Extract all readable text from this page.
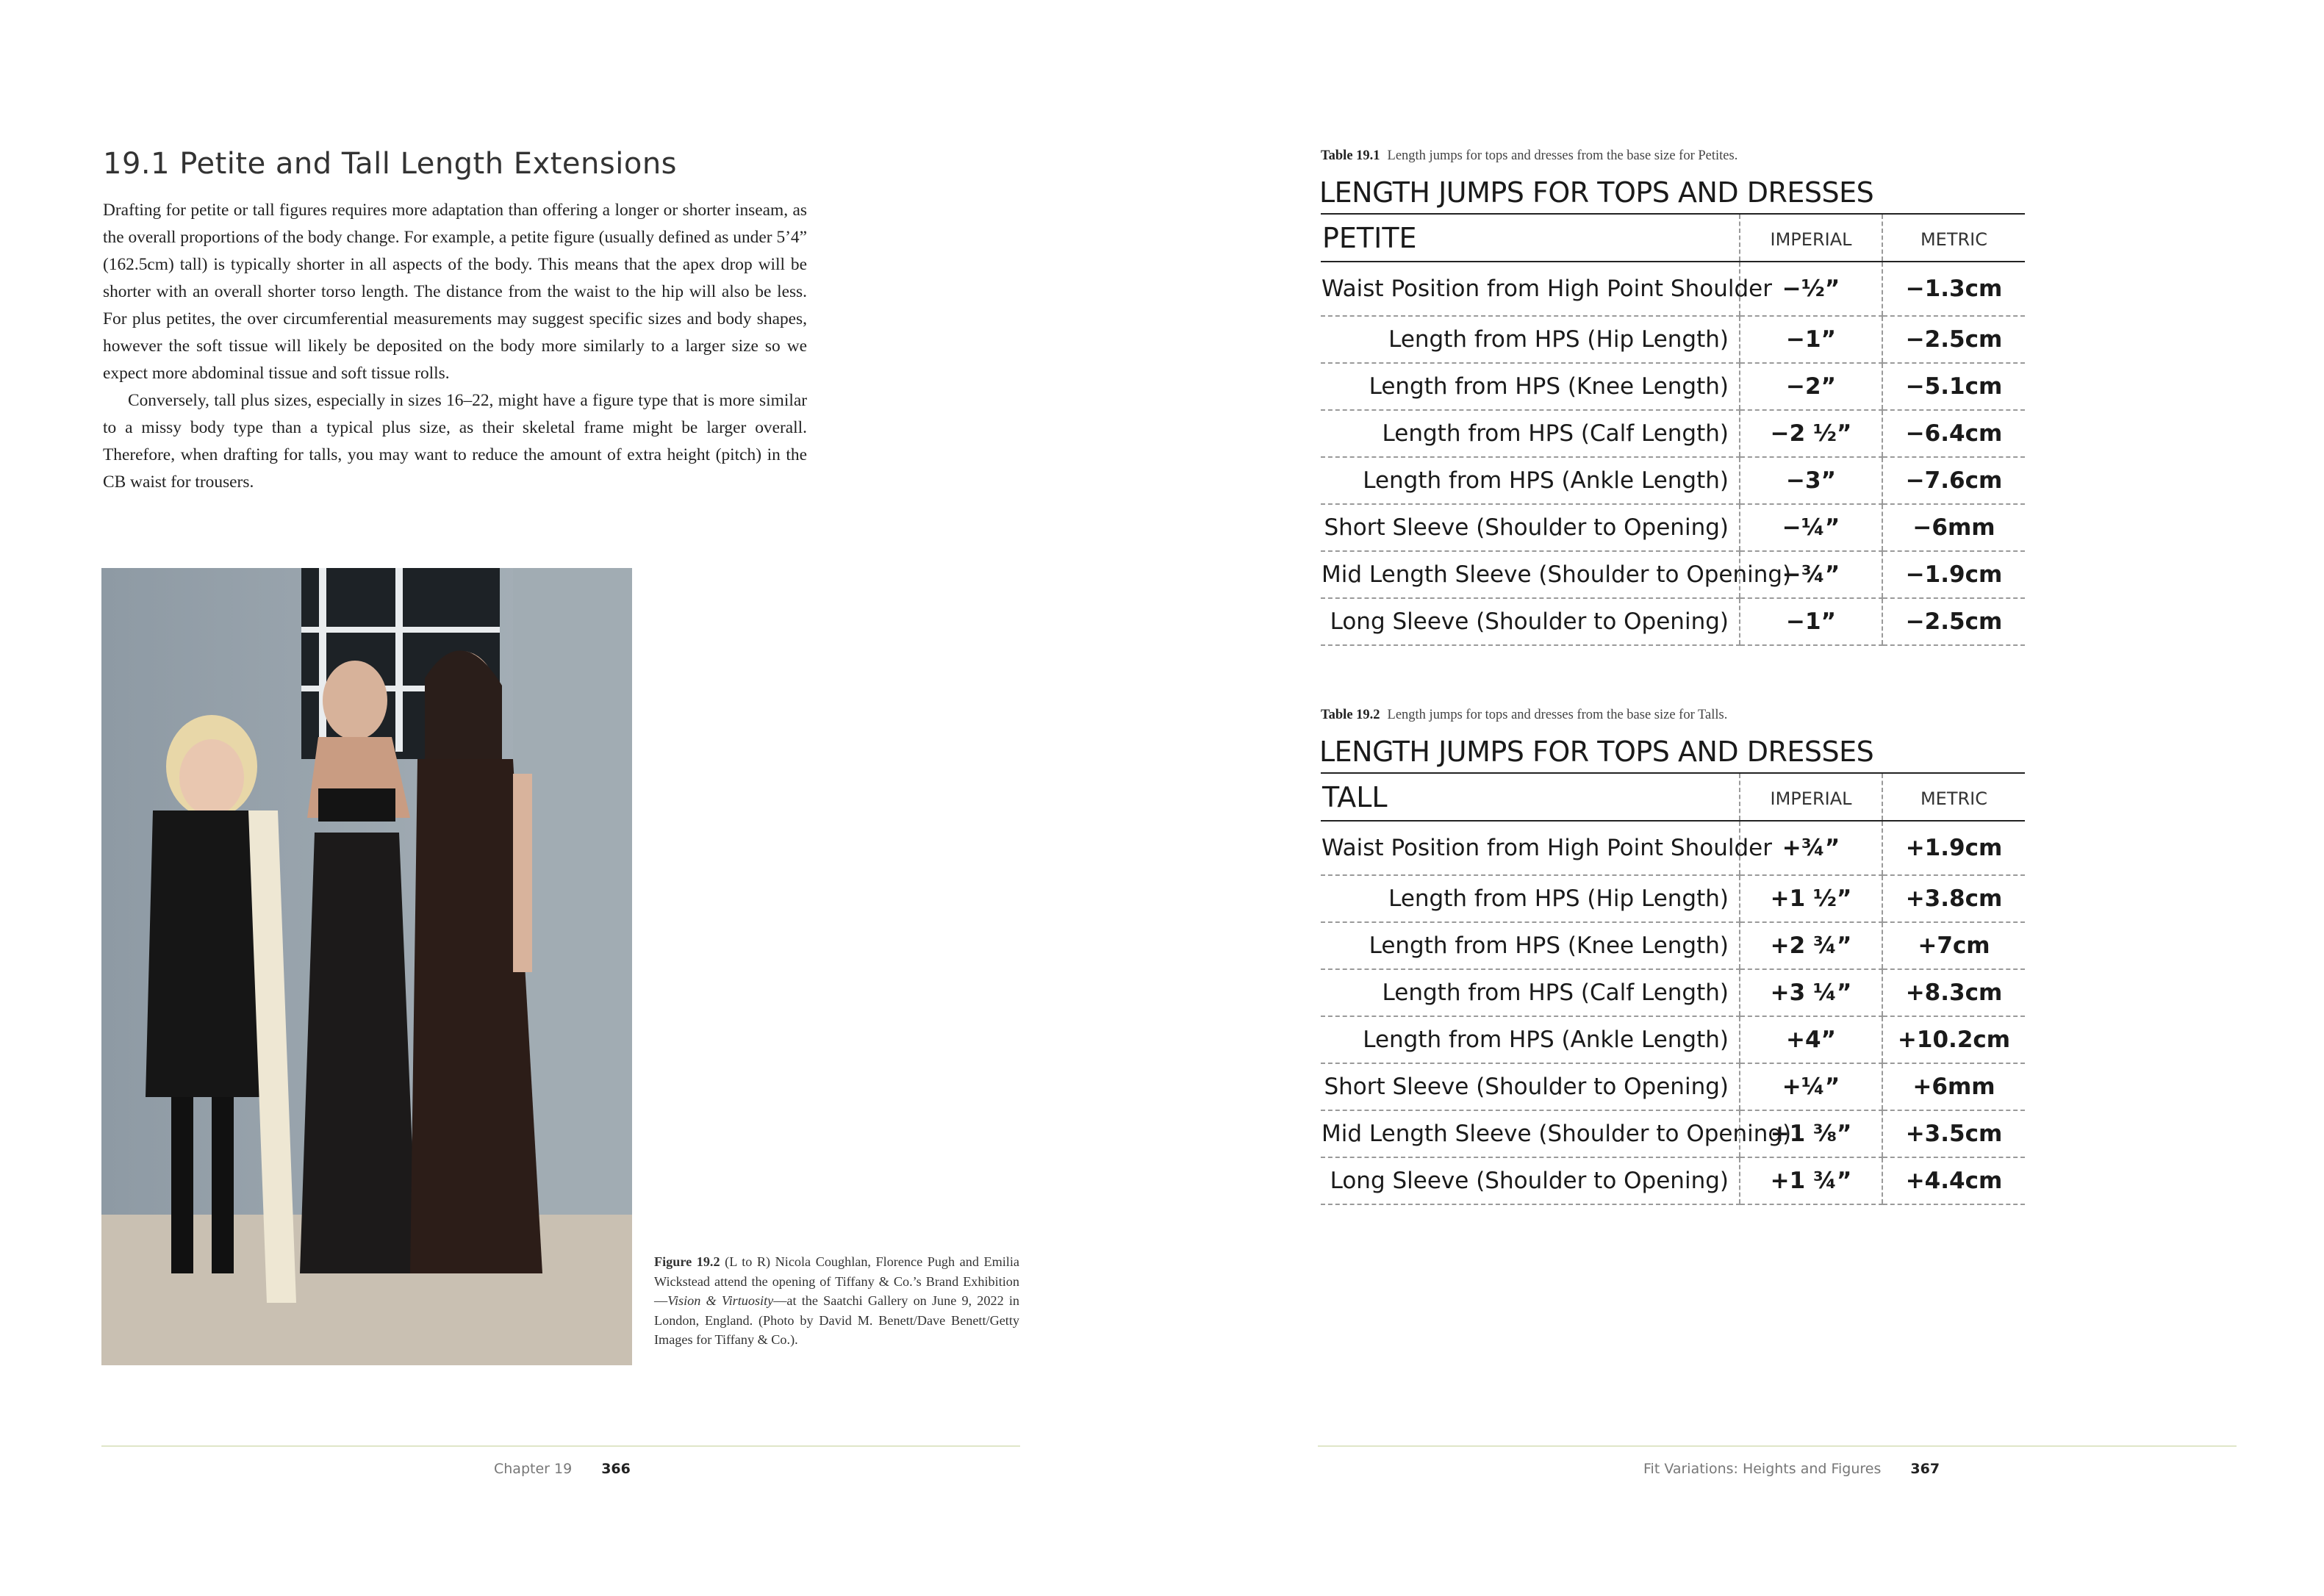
19.1 Petite and Tall Length Extensions

Drafting for petite or tall figures requires more adaptation than offering a longer or shorter inseam, as the overall proportions of the body change. For example, a petite figure (usually defined as under 5’4” (162.5cm) tall) is typically shorter in all aspects of the body. This means that the apex drop will be shorter with an overall shorter torso length. The distance from the waist to the hip will also be less. For plus petites, the over circumferential measurements may suggest specific sizes and body shapes, however the soft tissue will likely be deposited on the body more similarly to a larger size so we expect more abdominal tissue and soft tissue rolls.

Conversely, tall plus sizes, especially in sizes 16–22, might have a figure type that is more similar to a missy body type than a typical plus size, as their skeletal frame might be larger overall. Therefore, when drafting for talls, you may want to reduce the amount of extra height (pitch) in the CB waist for trousers.

Figure 19.2 (L to R) Nicola Coughlan, Florence Pugh and Emilia Wickstead attend the opening of Tiffany & Co.’s Brand Exhibition—Vision & Virtuosity—at the Saatchi Gallery on June 9, 2022 in London, England. (Photo by David M. Benett/Dave Benett/Getty Images for Tiffany & Co.).
Chapter 19 366
Table 19.1 Length jumps for tops and dresses from the base size for Petites.
LENGTH JUMPS FOR TOPS AND DRESSES
PETITE	IMPERIAL	METRIC
Waist Position from High Point Shoulder	−½”	−1.3cm
Length from HPS (Hip Length)	−1”	−2.5cm
Length from HPS (Knee Length)	−2”	−5.1cm
Length from HPS (Calf Length)	−2 ½”	−6.4cm
Length from HPS (Ankle Length)	−3”	−7.6cm
Short Sleeve (Shoulder to Opening)	−¼”	−6mm
Mid Length Sleeve (Shoulder to Opening)	−¾”	−1.9cm
Long Sleeve (Shoulder to Opening)	−1”	−2.5cm
Table 19.2 Length jumps for tops and dresses from the base size for Talls.
LENGTH JUMPS FOR TOPS AND DRESSES
TALL	IMPERIAL	METRIC
Waist Position from High Point Shoulder	+¾”	+1.9cm
Length from HPS (Hip Length)	+1 ½”	+3.8cm
Length from HPS (Knee Length)	+2 ¾”	+7cm
Length from HPS (Calf Length)	+3 ¼”	+8.3cm
Length from HPS (Ankle Length)	+4”	+10.2cm
Short Sleeve (Shoulder to Opening)	+¼”	+6mm
Mid Length Sleeve (Shoulder to Opening)	+1 ⅜”	+3.5cm
Long Sleeve (Shoulder to Opening)	+1 ¾”	+4.4cm
Fit Variations: Heights and Figures 367
